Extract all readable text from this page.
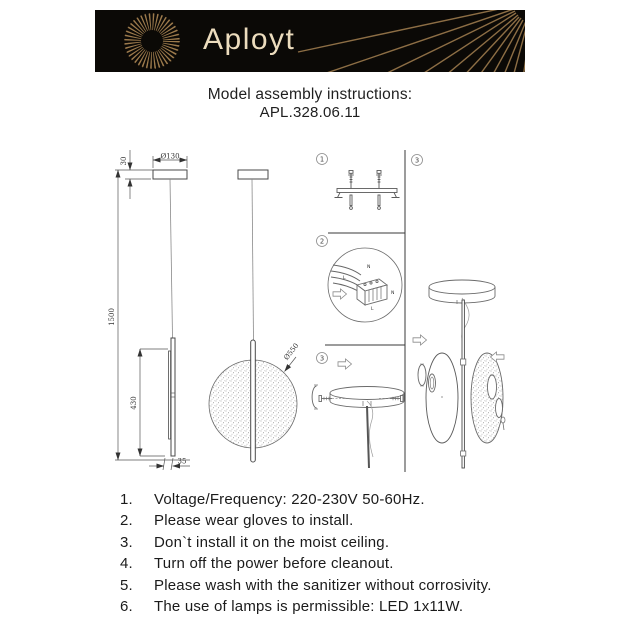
Aployt
Model assembly instructions:
APL.328.06.11
Ø130
30
1500
430
35
Ø550
1
2
3
3
N
L
N
L
1.	Voltage/Frequency: 220-230V 50-60Hz.
2.	Please wear gloves to install.
3.	Don`t install it on the moist ceiling.
4.	Turn off the power before cleanout.
5.	Please wash with the sanitizer without corrosivity.
6.	The use of lamps is permissible: LED 1x11W.
